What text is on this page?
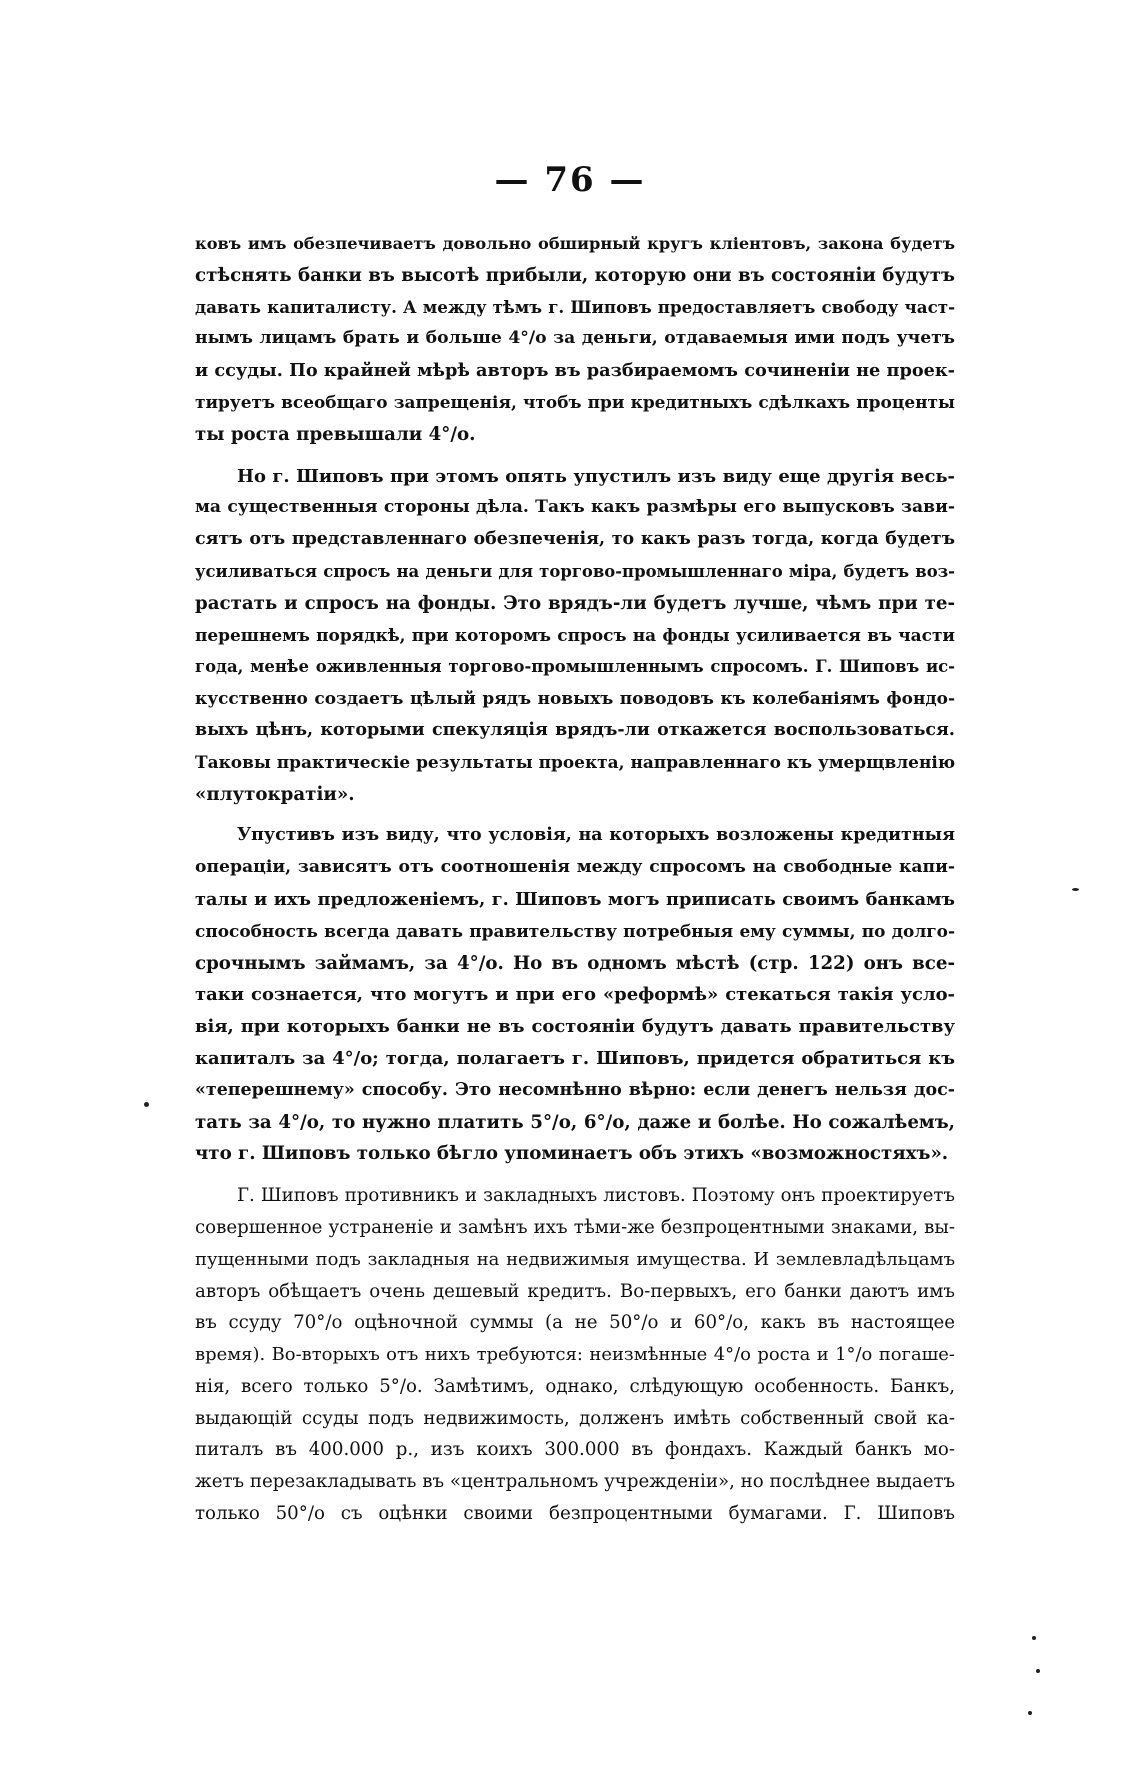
— 76 —
ковъ имъ обезпечиваетъ довольно обширный кругъ кліентовъ, закона будетъ
стѣснять банки въ высотѣ прибыли, которую они въ состояніи будутъ
давать капиталисту. А между тѣмъ г. Шиповъ предоставляетъ свободу част-
нымъ лицамъ брать и больше 4°/о за деньги, отдаваемыя ими подъ учетъ
и ссуды. По крайней мѣрѣ авторъ въ разбираемомъ сочиненіи не проек-
тируетъ всеобщаго запрещенія, чтобъ при кредитныхъ сдѣлкахъ проценты
ты роста превышали 4°/о.
Но г. Шиповъ при этомъ опять упустилъ изъ виду еще другія весь-
ма существенныя стороны дѣла. Такъ какъ размѣры его выпусковъ зави-
сятъ отъ представленнаго обезпеченія, то какъ разъ тогда, когда будетъ
усиливаться спросъ на деньги для торгово-промышленнаго міра, будетъ воз-
растать и спросъ на фонды. Это врядъ-ли будетъ лучше, чѣмъ при те-
перешнемъ порядкѣ, при которомъ спросъ на фонды усиливается въ части
года, менѣе оживленныя торгово-промышленнымъ спросомъ. Г. Шиповъ ис-
кусственно создаетъ цѣлый рядъ новыхъ поводовъ къ колебаніямъ фондо-
выхъ цѣнъ, которыми спекуляція врядъ-ли откажется воспользоваться.
Таковы практическіе результаты проекта, направленнаго къ умерщвленію
«плутократіи».
Упустивъ изъ виду, что условія, на которыхъ возложены кредитныя
операціи, зависятъ отъ соотношенія между спросомъ на свободные капи-
талы и ихъ предложеніемъ, г. Шиповъ могъ приписать своимъ банкамъ
способность всегда давать правительству потребныя ему суммы, по долго-
срочнымъ займамъ, за 4°/о. Но въ одномъ мѣстѣ (стр. 122) онъ все-
таки сознается, что могутъ и при его «реформѣ» стекаться такія усло-
вія, при которыхъ банки не въ состояніи будутъ давать правительству
капиталъ за 4°/о; тогда, полагаетъ г. Шиповъ, придется обратиться къ
«теперешнему» способу. Это несомнѣнно вѣрно: если денегъ нельзя дос-
тать за 4°/о, то нужно платить 5°/о, 6°/о, даже и болѣе. Но сожалѣемъ,
что г. Шиповъ только бѣгло упоминаетъ объ этихъ «возможностяхъ».
Г. Шиповъ противникъ и закладныхъ листовъ. Поэтому онъ проектируетъ
совершенное устраненіе и замѣнъ ихъ тѣми-же безпроцентными знаками, вы-
пущенными подъ закладныя на недвижимыя имущества. И землевладѣльцамъ
авторъ обѣщаетъ очень дешевый кредитъ. Во-первыхъ, его банки даютъ имъ
въ ссуду 70°/о оцѣночной суммы (а не 50°/о и 60°/о, какъ въ настоящее
время). Во-вторыхъ отъ нихъ требуются: неизмѣнные 4°/о роста и 1°/о погаше-
нія, всего только 5°/о. Замѣтимъ, однако, слѣдующую особенность. Банкъ,
выдающій ссуды подъ недвижимость, долженъ имѣть собственный свой ка-
питалъ въ 400.000 р., изъ коихъ 300.000 въ фондахъ. Каждый банкъ мо-
жетъ перезакладывать въ «центральномъ учрежденіи», но послѣднее выдаетъ
только 50°/о съ оцѣнки своими безпроцентными бумагами. Г. Шиповъ
